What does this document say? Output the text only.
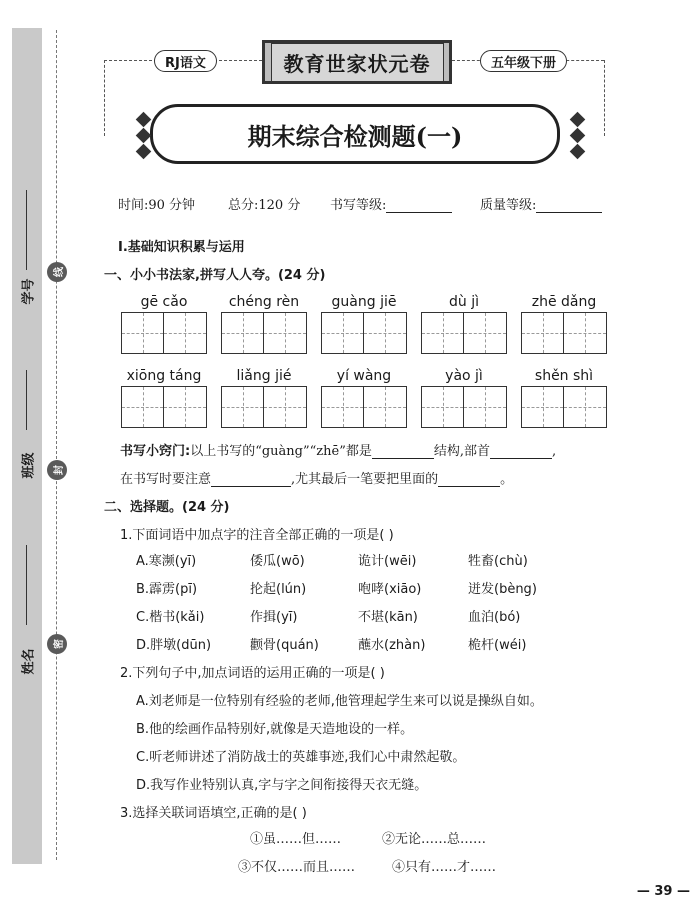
学号
班级
姓名
线
封
密
RJ语文	教育世家状元卷	五年级下册
期末综合检测题(一)
时间:90 分钟	总分:120 分 书写等级:	质量等级:
Ⅰ.基础知识积累与运用
一、小小书法家,拼写人人夸。(24 分)
gē cǎo	chéng rèn	guàng jiē	dù jì	zhē dǎng
xiōng táng	liǎng jié	yí wàng	yào jì	shěn shì
书写小窍门:以上书写的“guàng”“zhē”都是	结构,部首	,
在书写时要注意	,尤其最后一笔要把里面的	。
二、选择题。(24 分)
1.下面词语中加点字的注音全部正确的一项是( )
A.寒濒(yī)	倭瓜(wō)	诡计(wēi)	牲畜(chù)
B.霹雳(pī)	抡起(lún)	咆哮(xiāo)	迸发(bèng)
C.楷书(kǎi)	作揖(yī)	不堪(kān)	血泊(bó)
D.胖墩(dūn)	颧骨(quán)	蘸水(zhàn)	桅杆(wéi)
2.下列句子中,加点词语的运用正确的一项是( )
A.刘老师是一位特别有经验的老师,他管理起学生来可以说是操纵自如。
B.他的绘画作品特别好,就像是天造地设的一样。
C.听老师讲述了消防战士的英雄事迹,我们心中肃然起敬。
D.我写作业特别认真,字与字之间衔接得天衣无缝。
3.选择关联词语填空,正确的是( )
①虽……但……	②无论……总……
③不仅……而且……	④只有……才……
— 39 —
